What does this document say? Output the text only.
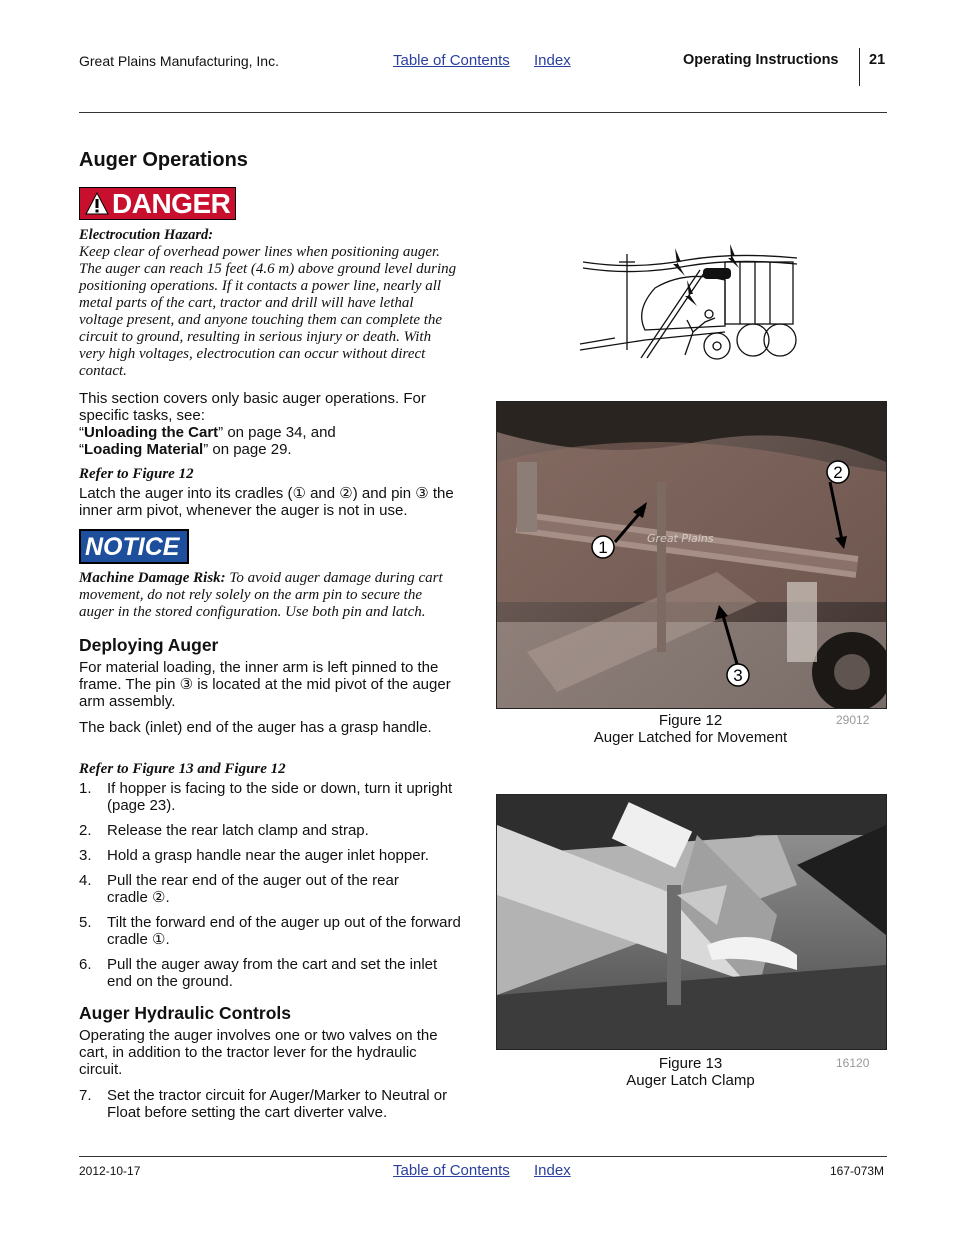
Great Plains Manufacturing, Inc.	Table of Contents Index	Operating Instructions 21
Auger Operations
DANGER
Electrocution Hazard:
Keep clear of overhead power lines when positioning auger.
The auger can reach 15 feet (4.6 m) above ground level during
positioning operations. If it contacts a power line, nearly all
metal parts of the cart, tractor and drill will have lethal
voltage present, and anyone touching them can complete the
circuit to ground, resulting in serious injury or death. With
very high voltages, electrocution can occur without direct
contact.
This section covers only basic auger operations. For
specific tasks, see:
“Unloading the Cart” on page 34, and
“Loading Material” on page 29.
Refer to Figure 12
Latch the auger into its cradles (① and ②) and pin ③ the
inner arm pivot, whenever the auger is not in use.
NOTICE
Machine Damage Risk: To avoid auger damage during cart
movement, do not rely solely on the arm pin to secure the
auger in the stored configuration. Use both pin and latch.
Deploying Auger
For material loading, the inner arm is left pinned to the
frame. The pin ③ is located at the mid pivot of the auger
arm assembly.
The back (inlet) end of the auger has a grasp handle.
Refer to Figure 13 and Figure 12
1. If hopper is facing to the side or down, turn it upright
(page 23).
2. Release the rear latch clamp and strap.
3. Hold a grasp handle near the auger inlet hopper.
4. Pull the rear end of the auger out of the rear
cradle ②.
5. Tilt the forward end of the auger up out of the forward
cradle ①.
6. Pull the auger away from the cart and set the inlet
end on the ground.
Auger Hydraulic Controls
Operating the auger involves one or two valves on the
cart, in addition to the tractor lever for the hydraulic
circuit.
7. Set the tractor circuit for Auger/Marker to Neutral or
Float before setting the cart diverter valve.
Great Plains
1
2
3
Figure 12
Auger Latched for Movement
29012
Figure 13
Auger Latch Clamp
16120
2012-10-17	Table of Contents Index	167-073M
